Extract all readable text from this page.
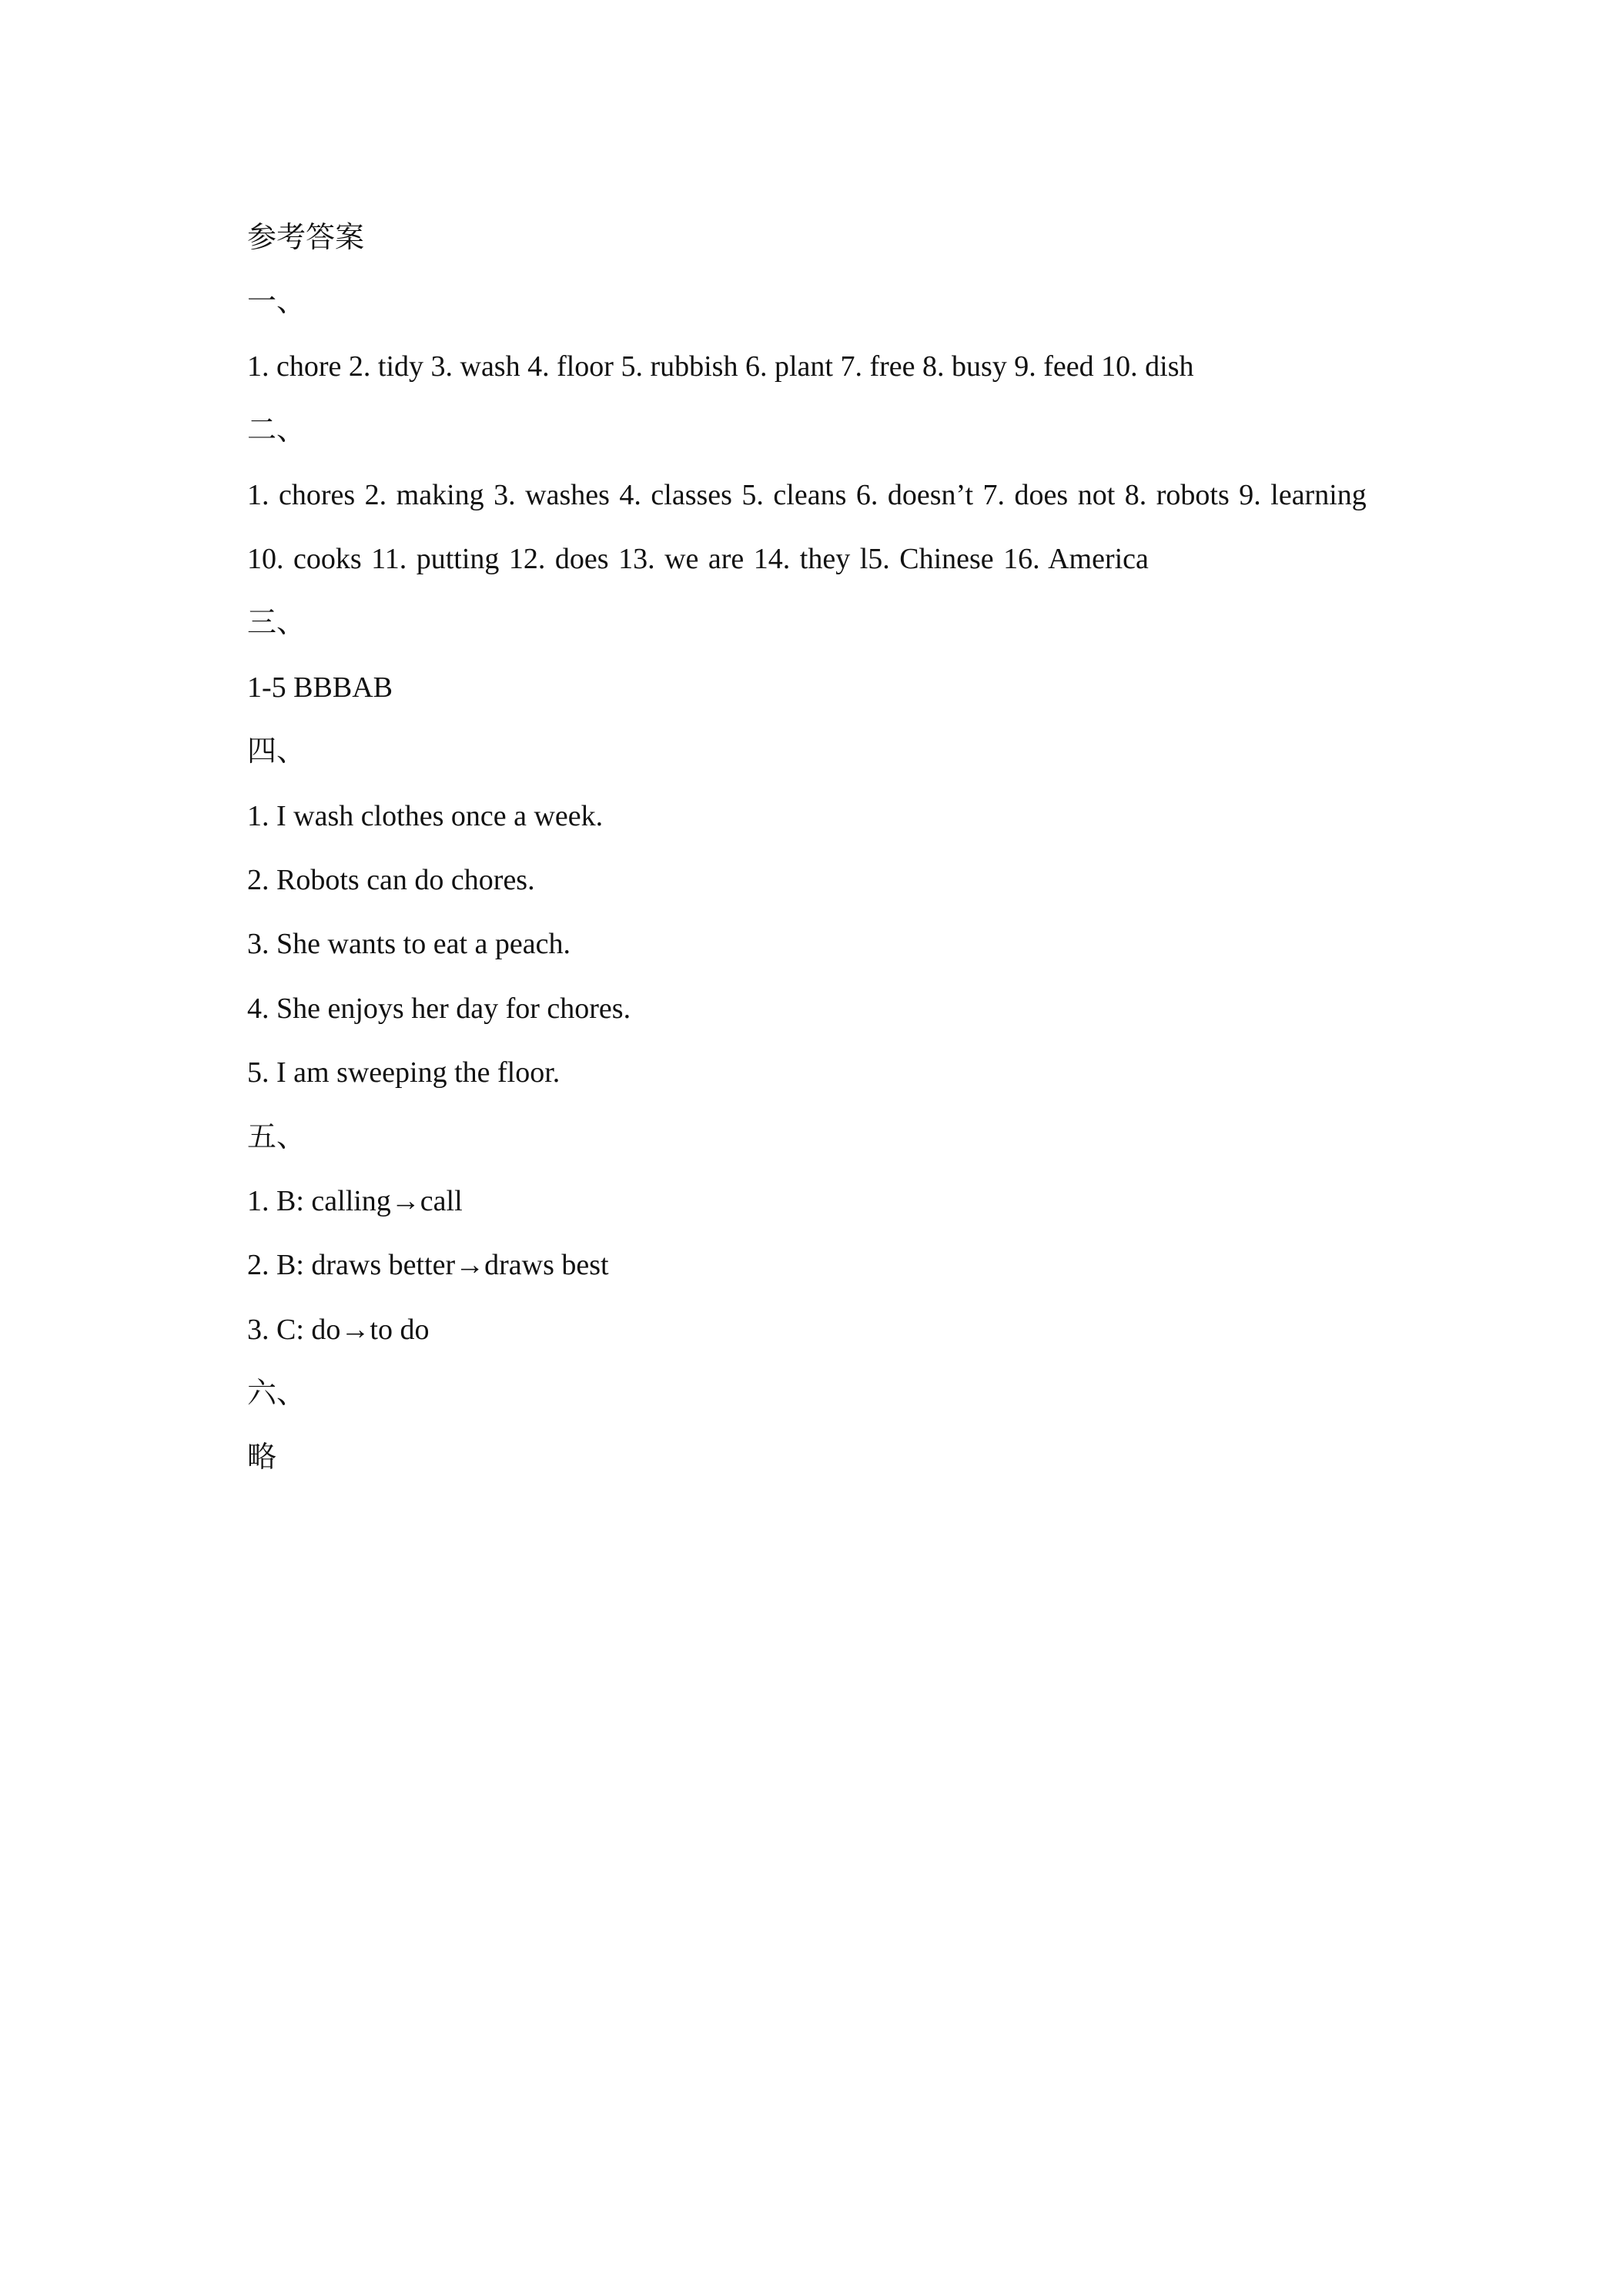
参考答案

一、

1. chore 2. tidy 3. wash 4. floor 5. rubbish 6. plant 7. free 8. busy 9. feed 10. dish

二、

1. chores 2. making 3. washes 4. classes 5. cleans 6. doesn’t 7. does not 8. robots 9. learning 10. cooks 11. putting 12. does 13. we are 14. they l5. Chinese 16. America

三、

1-5 BBBAB

四、

1. I wash clothes once a week.

2. Robots can do chores.

3. She wants to eat a peach.

4. She enjoys her day for chores.

5. I am sweeping the floor.

五、

1. B: calling→call

2. B: draws better→draws best

3. C: do→to do

六、

略
